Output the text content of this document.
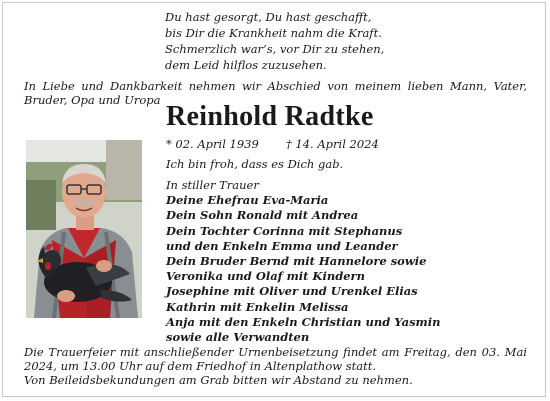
Du hast gesorgt, Du hast geschafft,
bis Dir die Krankheit nahm die Kraft.
Schmerzlich war’s, vor Dir zu stehen,
dem Leid hilflos zuzusehen.
In Liebe und Dankbarkeit nehmen wir Abschied von meinem lieben Mann, Vater, Bruder, Opa und Uropa
Reinhold Radtke
* 02. April 1939 † 14. April 2024
Ich bin froh, dass es Dich gab.
In stiller Trauer
Deine Ehefrau Eva-Maria
Dein Sohn Ronald mit Andrea
Dein Tochter Corinna mit Stephanus
und den Enkeln Emma und Leander
Dein Bruder Bernd mit Hannelore sowie
Veronika und Olaf mit Kindern
Josephine mit Oliver und Urenkel Elias
Kathrin mit Enkelin Melissa
Anja mit den Enkeln Christian und Yasmin
sowie alle Verwandten
Die Trauerfeier mit anschließender Urnenbeisetzung findet am Freitag, den 03. Mai 2024, um 13.00 Uhr auf dem Friedhof in Altenplathow statt.
Von Beileidsbekundungen am Grab bitten wir Abstand zu nehmen.
